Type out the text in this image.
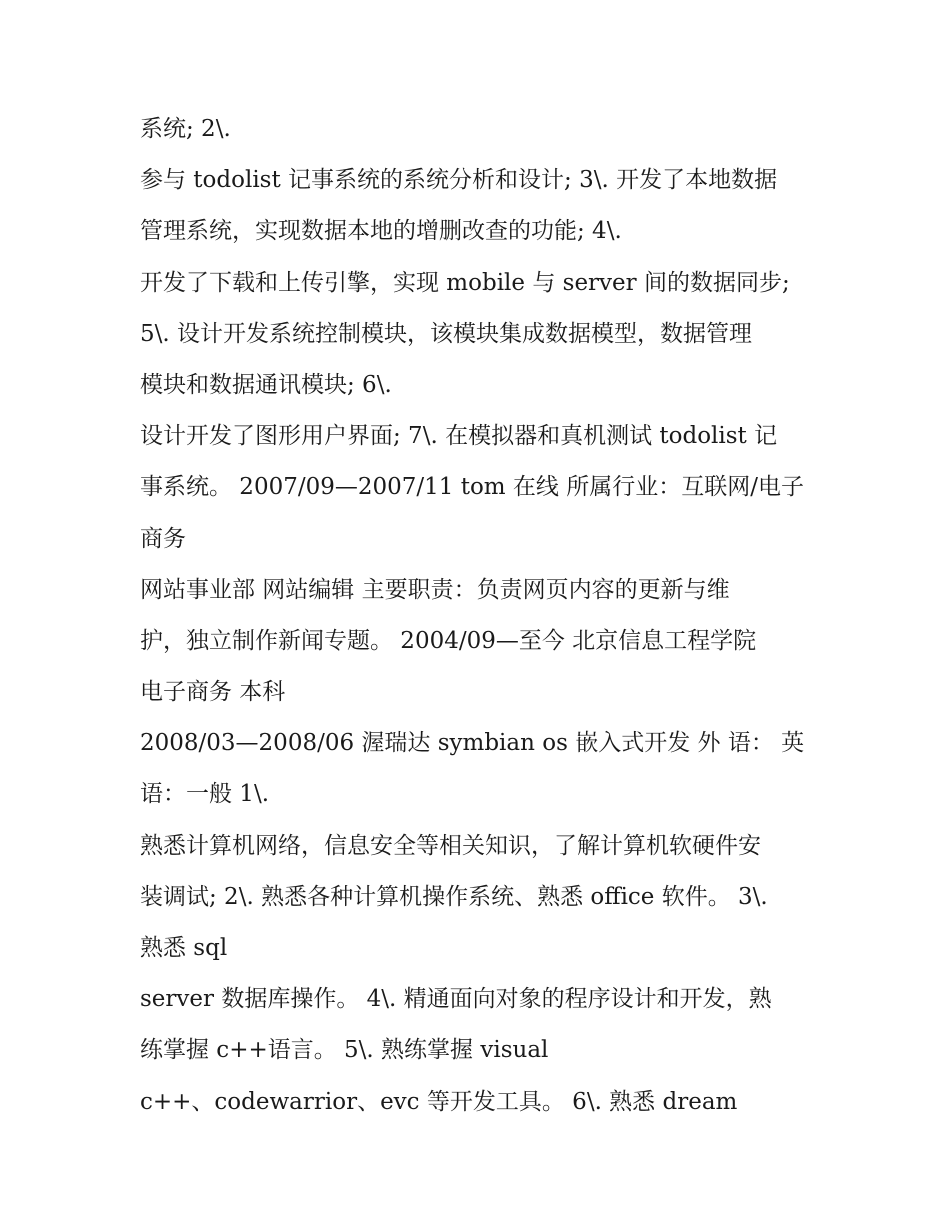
系统; 2\.
参与 todolist 记事系统的系统分析和设计; 3\. 开发了本地数据
管理系统，实现数据本地的增删改查的功能; 4\.
开发了下载和上传引擎，实现 mobile 与 server 间的数据同步;
5\. 设计开发系统控制模块，该模块集成数据模型，数据管理
模块和数据通讯模块; 6\.
设计开发了图形用户界面; 7\. 在模拟器和真机测试 todolist 记
事系统。 2007/09—2007/11 tom 在线 所属行业：互联网/电子
商务
网站事业部 网站编辑 主要职责：负责网页内容的更新与维
护，独立制作新闻专题。 2004/09—至今 北京信息工程学院
电子商务 本科
2008/03—2008/06 渥瑞达 symbian os 嵌入式开发 外 语： 英
语：一般 1\.
熟悉计算机网络，信息安全等相关知识，了解计算机软硬件安
装调试; 2\. 熟悉各种计算机操作系统、熟悉 office 软件。 3\.
熟悉 sql
server 数据库操作。 4\. 精通面向对象的程序设计和开发，熟
练掌握 c++语言。 5\. 熟练掌握 visual
c++、codewarrior、evc 等开发工具。 6\. 熟悉 dream
